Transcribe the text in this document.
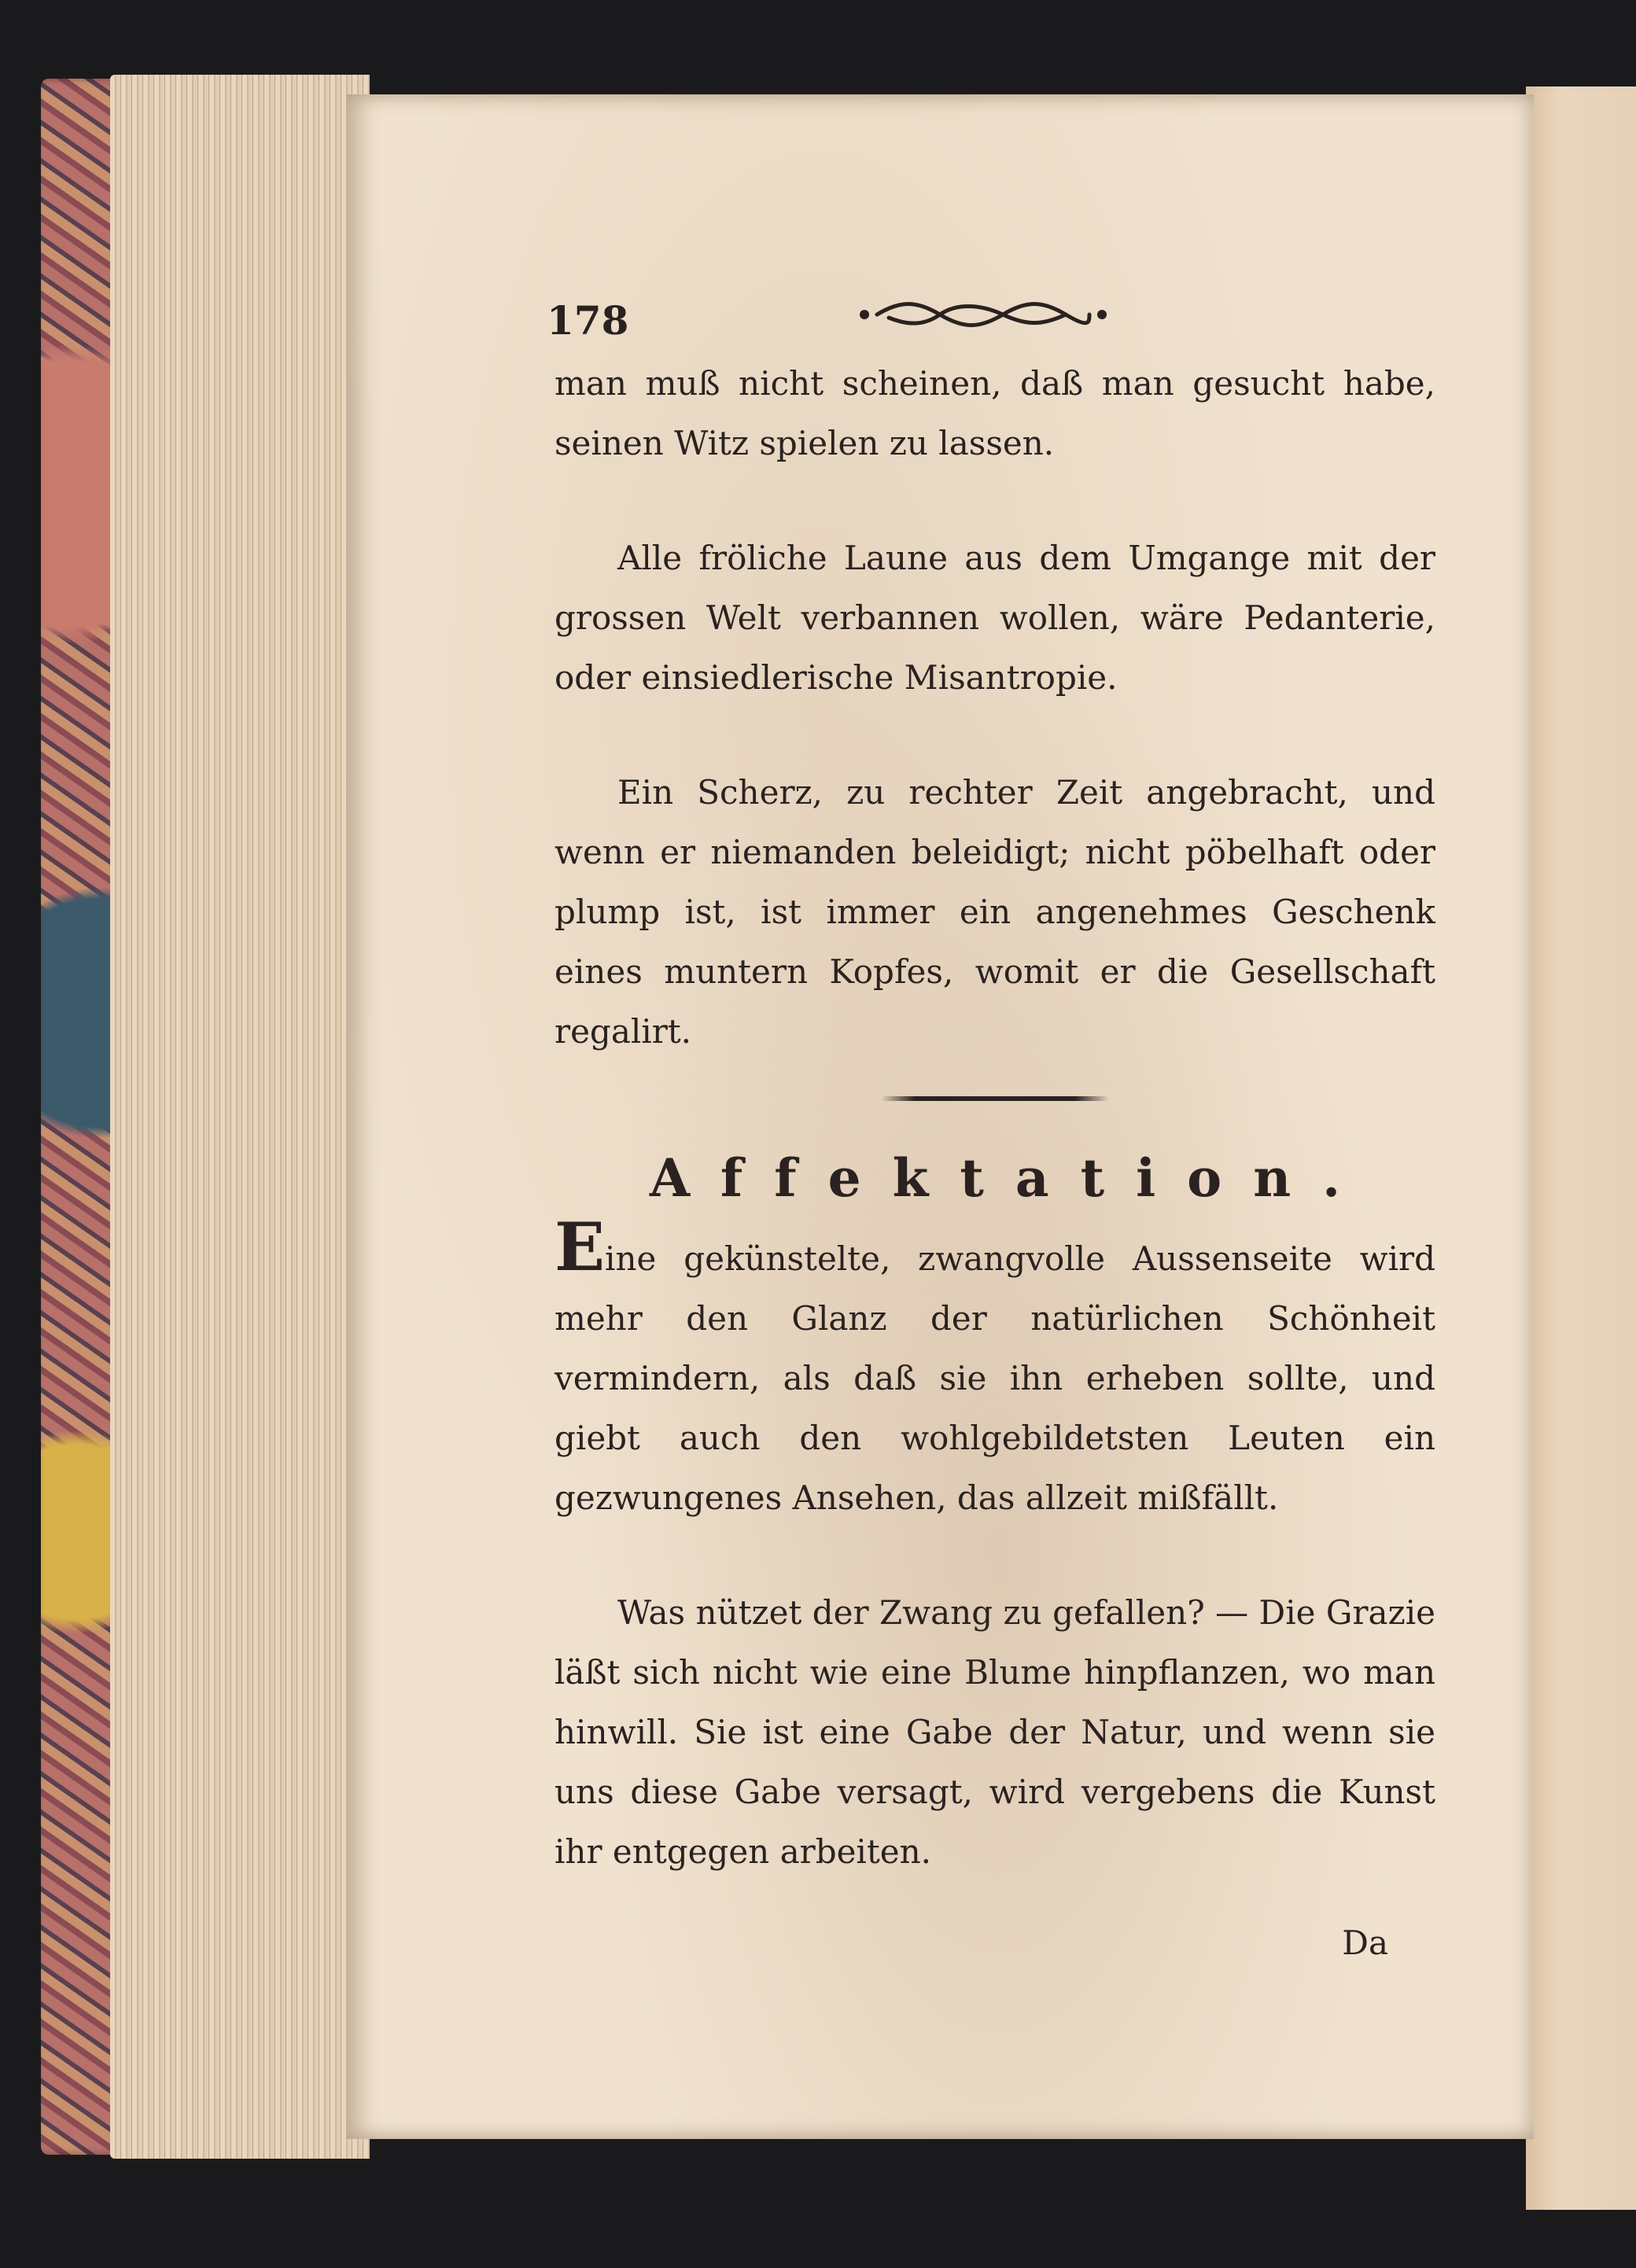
178

man muß nicht scheinen, daß man gesucht habe, seinen Witz spielen zu lassen.

Alle fröliche Laune aus dem Umgange mit der grossen Welt verbannen wollen, wäre Pedanterie, oder einsiedlerische Misantropie.

Ein Scherz, zu rechter Zeit angebracht, und wenn er niemanden beleidigt; nicht pöbelhaft oder plump ist, ist immer ein angenehmes Geschenk eines muntern Kopfes, womit er die Gesellschaft regalirt.

Affektation.

Eine gekünstelte, zwangvolle Aussenseite wird mehr den Glanz der natürlichen Schönheit vermindern, als daß sie ihn erheben sollte, und giebt auch den wohlgebildetsten Leuten ein gezwungenes Ansehen, das allzeit mißfällt.

Was nützet der Zwang zu gefallen? — Die Grazie läßt sich nicht wie eine Blume hinpflanzen, wo man hinwill. Sie ist eine Gabe der Natur, und wenn sie uns diese Gabe versagt, wird vergebens die Kunst ihr entgegen arbeiten.

Da
